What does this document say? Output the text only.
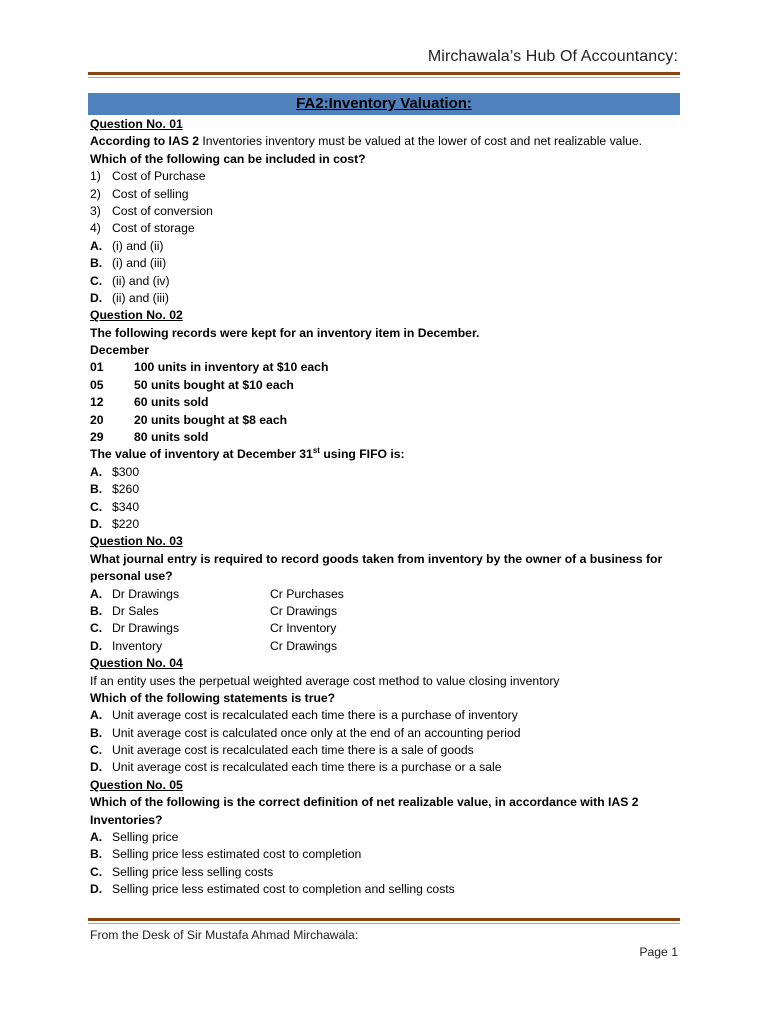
Mirchawala’s Hub Of Accountancy:
FA2:Inventory Valuation:
Question No. 01
According to IAS 2 Inventories inventory must be valued at the lower of cost and net realizable value.
Which of the following can be included in cost?
1) Cost of Purchase
2) Cost of selling
3) Cost of conversion
4) Cost of storage
A. (i) and (ii)
B. (i) and (iii)
C. (ii) and (iv)
D. (ii) and (iii)
Question No. 02
The following records were kept for an inventory item in December.
December
01 100 units in inventory at $10 each
05 50 units bought at $10 each
12 60 units sold
20 20 units bought at $8 each
29 80 units sold
The value of inventory at December 31st using FIFO is:
A. $300
B. $260
C. $340
D. $220
Question No. 03
What journal entry is required to record goods taken from inventory by the owner of a business for personal use?
A. Dr Drawings	Cr Purchases
B. Dr Sales	Cr Drawings
C. Dr Drawings	Cr Inventory
D. Inventory	Cr Drawings
Question No. 04
If an entity uses the perpetual weighted average cost method to value closing inventory
Which of the following statements is true?
A. Unit average cost is recalculated each time there is a purchase of inventory
B. Unit average cost is calculated once only at the end of an accounting period
C. Unit average cost is recalculated each time there is a sale of goods
D. Unit average cost is recalculated each time there is a purchase or a sale
Question No. 05
Which of the following is the correct definition of net realizable value, in accordance with IAS 2 Inventories?
A. Selling price
B. Selling price less estimated cost to completion
C. Selling price less selling costs
D. Selling price less estimated cost to completion and selling costs
From the Desk of Sir Mustafa Ahmad Mirchawala:
Page 1
